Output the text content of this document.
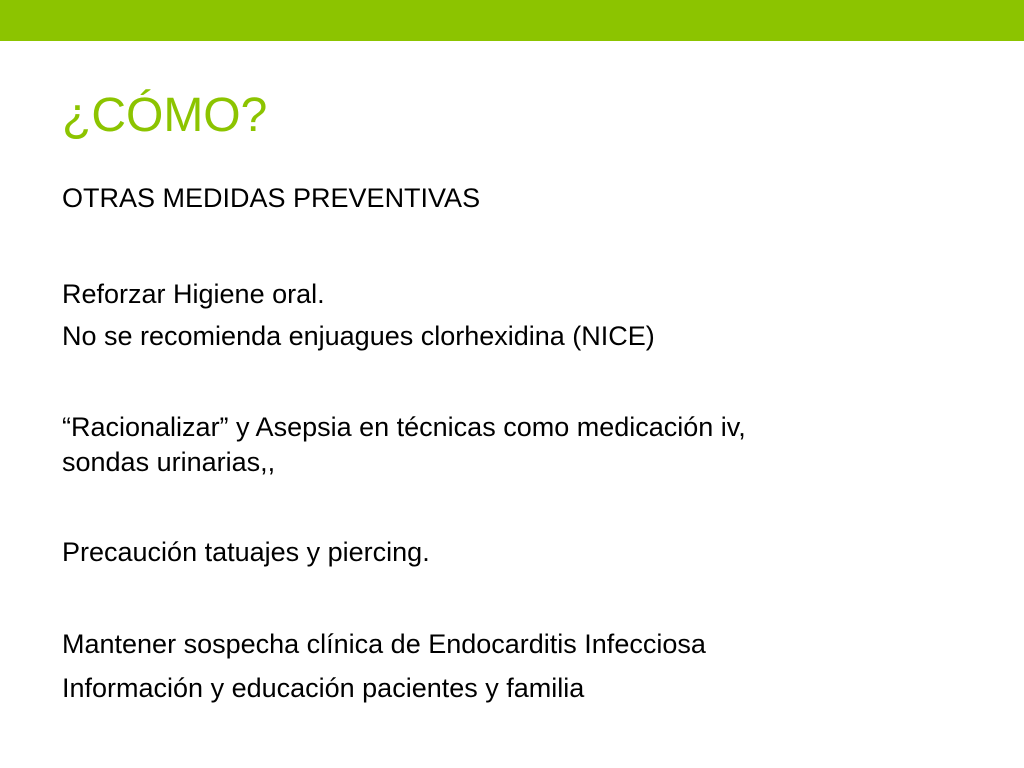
¿CÓMO?

OTRAS MEDIDAS PREVENTIVAS

Reforzar Higiene oral.

No se recomienda enjuagues clorhexidina (NICE)

“Racionalizar” y Asepsia en técnicas como medicación iv,

sondas urinarias,,

Precaución tatuajes y piercing.

Mantener sospecha clínica de Endocarditis Infecciosa

Información y educación pacientes y familia
